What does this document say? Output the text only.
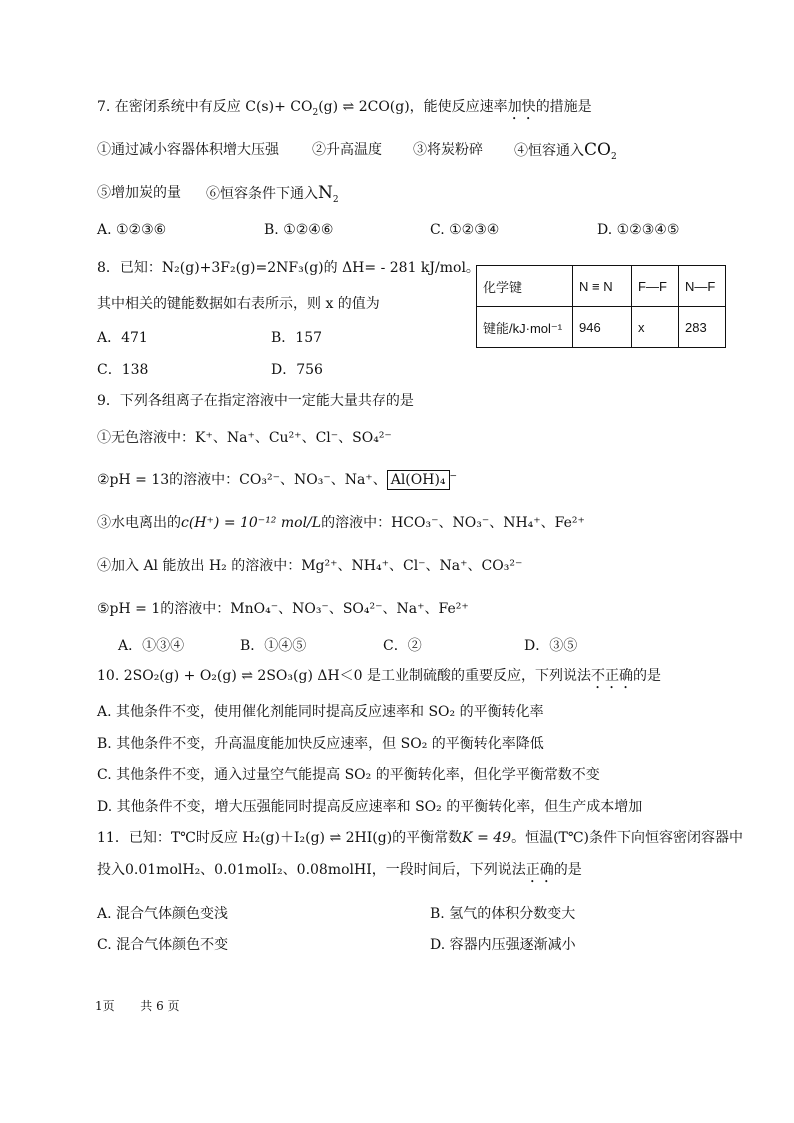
7. 在密闭系统中有反应 $C(s)+ CO_2(g)$ ⇌ 2CO(g)，能使反应速率加快的措施是
①通过减小容器体积增大压强 ②升高温度 ③将炭粉碎 ④恒容通入$CO_2$
⑤增加炭的量 ⑥恒容条件下通入$N_2$
A. ①②③⑥	B. ①②④⑥	C. ①②③④	D. ①②③④⑤
8．已知：N₂(g)+3F₂(g)=2NF₃(g)的 ΔH= - 281 kJ/mol。
其中相关的键能数据如右表所示，则 x 的值为
A．471	B．157
C．138	D．756
化学键	N ≡ N	F—F	N—F
键能/kJ·mol⁻¹	946	x	283
9．下列各组离子在指定溶液中一定能大量共存的是
①无色溶液中：K⁺、Na⁺、Cu²⁺、Cl⁻、SO₄²⁻
②pH = 13的溶液中：CO₃²⁻、NO₃⁻、Na⁺、 Al(OH)₄ −
③水电离出的c(H⁺) = 10⁻¹² mol/L的溶液中：HCO₃⁻、NO₃⁻、NH₄⁺、Fe²⁺
④加入 Al 能放出 H₂ 的溶液中：Mg²⁺、NH₄⁺、Cl⁻、Na⁺、CO₃²⁻
⑤pH = 1的溶液中：MnO₄⁻、NO₃⁻、SO₄²⁻、Na⁺、Fe²⁺
A．①③④	B．①④⑤	C．②	D．③⑤
10. 2SO₂(g) + O₂(g) ⇌ 2SO₃(g) ΔH＜0 是工业制硫酸的重要反应，下列说法不正确的是
A. 其他条件不变，使用催化剂能同时提高反应速率和 SO₂ 的平衡转化率
B. 其他条件不变，升高温度能加快反应速率，但 SO₂ 的平衡转化率降低
C. 其他条件不变，通入过量空气能提高 SO₂ 的平衡转化率，但化学平衡常数不变
D. 其他条件不变，增大压强能同时提高反应速率和 SO₂ 的平衡转化率，但生产成本增加
11．已知：T℃时反应 H₂(g)＋I₂(g) ⇌ 2HI(g)的平衡常数K = 49。恒温(T℃)条件下向恒容密闭容器中
投入0.01molH₂、0.01molI₂、0.08molHI，一段时间后，下列说法正确的是
A. 混合气体颜色变浅	B. 氢气的体积分数变大
C. 混合气体颜色不变	D. 容器内压强逐渐减小
1页 共 6 页
